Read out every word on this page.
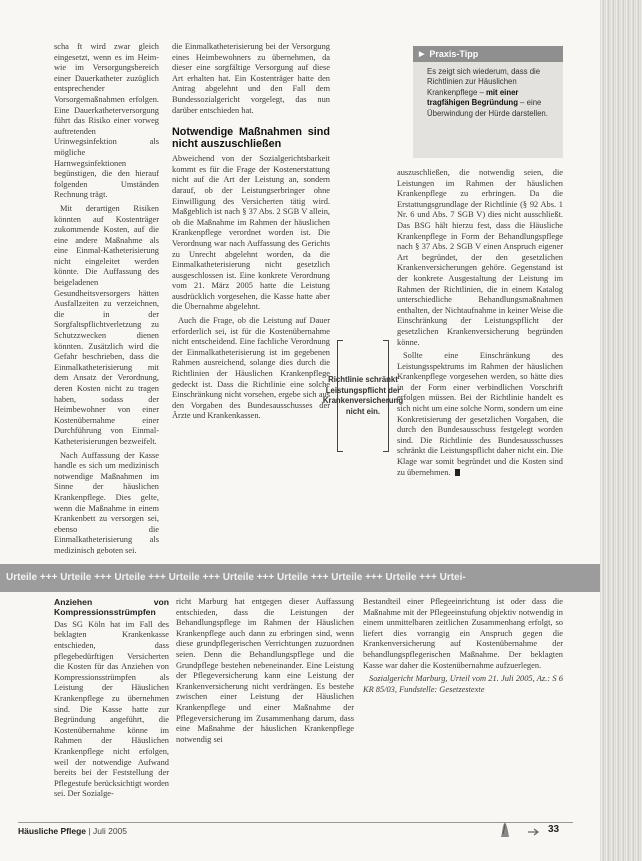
scha ft wird zwar gleich eingesetzt, wenn es im Heim- wie im Versorgungsbereich einer Dauerkatheter zuzüglich entsprechender Vorsorgemaßnahmen erfolgen. Eine Dauerkatheterversorgung führt das Risiko einer vorweg auftretenden Urinwegsinfektion als mögliche Harnwegsinfektionen begünstigen, die den hierauf folgenden Umständen Rechnung trägt.

Mit derartigen Risiken könnten auf Kostenträger zukommende Kosten, auf die eine andere Maßnahme als eine Einmal-Katheterisierung nicht eingeleitet werden könnte. Die Auffassung des beigeladenen Gesundheitsversorgers hätten Ausfallzeiten zu verzeichnen, die in der Sorgfaltspflichtverletzung zu Schutzzwecken dienen könnten. Zusätzlich wird die Gefahr beschrieben, dass die Einmalkatheterisierung mit dem Ansatz der Verordnung, deren Kosten nicht zu tragen haben, sodass der Heimbewohner von einer Kostenübernahme einer Durchführung von Einmal-Katheterisierungen bezweifelt.

Nach Auffassung der Kasse handle es sich um medizinisch notwendige Maßnahmen im Sinne der häuslichen Krankenpflege. Dies gelte, wenn die Maßnahme in einem Krankenbett zu versorgen sei, ebenso die Einmalkatheterisierung als medizinisch geboten sei.

die Einmalkatheterisierung bei der Versorgung eines Heimbewohners zu übernehmen, da dieser eine sorgfältige Versorgung auf diese Art erhalten hat. Ein Kostenträger hatte den Antrag abgelehnt und den Fall dem Bundessozialgericht vorgelegt, das nun darüber entschieden hat.

Notwendige Maßnahmen sind nicht auszuschließen

Abweichend von der Sozialgerichtsbarkeit kommt es für die Frage der Kostenerstattung nicht auf die Art der Leistung an, sondern darauf, ob der Leistungserbringer ohne Einwilligung des Versicherten tätig wird. Maßgeblich ist nach § 37 Abs. 2 SGB V allein, ob die Maßnahme im Rahmen der häuslichen Krankenpflege verordnet worden ist. Die Verordnung war nach Auffassung des Gerichts zu Unrecht abgelehnt worden, da die Einmalkatheterisierung nicht gesetzlich ausgeschlossen ist. Eine konkrete Verordnung vom 21. März 2005 hatte die Leistung ausdrücklich vorgesehen, die Kasse hatte aber die Übernahme abgelehnt.

Auch die Frage, ob die Leistung auf Dauer erforderlich sei, ist für die Kostenübernahme nicht entscheidend. Eine fachliche Verordnung der Einmalkatheterisierung ist im gegebenen Rahmen ausreichend, solange dies durch die Richtlinien der Häuslichen Krankenpflege gedeckt ist. Dass die Richtlinie eine solche Einschränkung nicht vorsehen, ergebe sich aus den Vorgaben des Bundesausschusses der Ärzte und Krankenkassen.

▶ Praxis-Tipp
Es zeigt sich wiederum, dass die Richtlinien zur Häuslichen Krankenpflege – mit einer tragfähigen Begründung – eine Überwindung der Hürde darstellen.
Richtlinie schränkt Leistungspflicht der Krankenversicherung nicht ein.

auszuschließen, die notwendig seien, die Leistungen im Rahmen der häuslichen Krankenpflege zu erbringen. Da die Erstattungsgrundlage der Richtlinie (§ 92 Abs. 1 Nr. 6 und Abs. 7 SGB V) dies nicht ausschließt. Das BSG hält hierzu fest, dass die Häusliche Krankenpflege in Form der Behandlungspflege nach § 37 Abs. 2 SGB V einen Anspruch eigener Art begründet, der den gesetzlichen Krankenversicherungen gehöre. Gegenstand ist der konkrete Ausgestaltung der Leistung im Rahmen der Richtlinien, die in einem Katalog unterschiedliche Behandlungsmaßnahmen enthalten, der Nichtaufnahme in keiner Weise die Einschränkung der Leistungspflicht der gesetzlichen Krankenversicherung begründen könne.

Sollte eine Einschränkung des Leistungsspektrums im Rahmen der häuslichen Krankenpflege vorgesehen werden, so hätte dies in der Form einer verbindlichen Vorschrift erfolgen müssen. Bei der Richtlinie handelt es sich nicht um eine solche Norm, sondern um eine Konkretisierung der gesetzlichen Vorgaben, die durch den Bundesausschuss festgelegt worden sind. Die Richtlinie des Bundesausschusses schränkt die Leistungspflicht daher nicht ein. Die Klage war somit begründet und die Kosten sind zu übernehmen.

Urteile +++ Urteile +++ Urteile +++ Urteile +++ Urteile +++ Urteile +++ Urteile +++ Urteile +++ Urtei-
Anziehen von Kompressionsstrümpfen

Das SG Köln hat im Fall des beklagten Krankenkasse entschieden, dass pflegebedürftigen Versicherten die Kosten für das Anziehen von Kompressionsstrümpfen als Leistung der Häuslichen Krankenpflege zu übernehmen sind. Die Kasse hatte zur Begründung angeführt, die Kostenübernahme könne im Rahmen der Häuslichen Krankenpflege nicht erfolgen, weil der notwendige Aufwand bereits bei der Feststellung der Pflegestufe berücksichtigt worden sei. Der Sozialge-

richt Marburg hat entgegen dieser Auffassung entschieden, dass die Leistungen der Behandlungspflege im Rahmen der Häuslichen Krankenpflege auch dann zu erbringen sind, wenn diese grundpflegerischen Verrichtungen zuzuordnen seien. Denn die Behandlungspflege und die Grundpflege bestehen nebeneinander. Eine Leistung der Pflegeversicherung kann eine Leistung der Krankenversicherung nicht verdrängen. Es bestehe zwischen einer Leistung der Häuslichen Krankenpflege und einer Maßnahme der Pflegeversicherung im Zusammenhang darum, dass eine Maßnahme der häuslichen Krankenpflege notwendig sei

Bestandteil einer Pflegeeinrichtung ist oder dass die Maßnahme mit der Pflegeeinstufung objektiv notwendig in einem unmittelbaren zeitlichen Zusammenhang erfolgt, so liefert dies vorrangig ein Anspruch gegen die Krankenversicherung auf Kostenübernahme der behandlungspflegerischen Maßnahme. Der beklagten Kasse war daher die Kostenübernahme aufzuerlegen.

Sozialgericht Marburg, Urteil vom 21. Juli 2005, Az.: S 6 KR 85/03, Fundstelle: Gesetzestexte

Häusliche Pflege | Juli 2005	33
